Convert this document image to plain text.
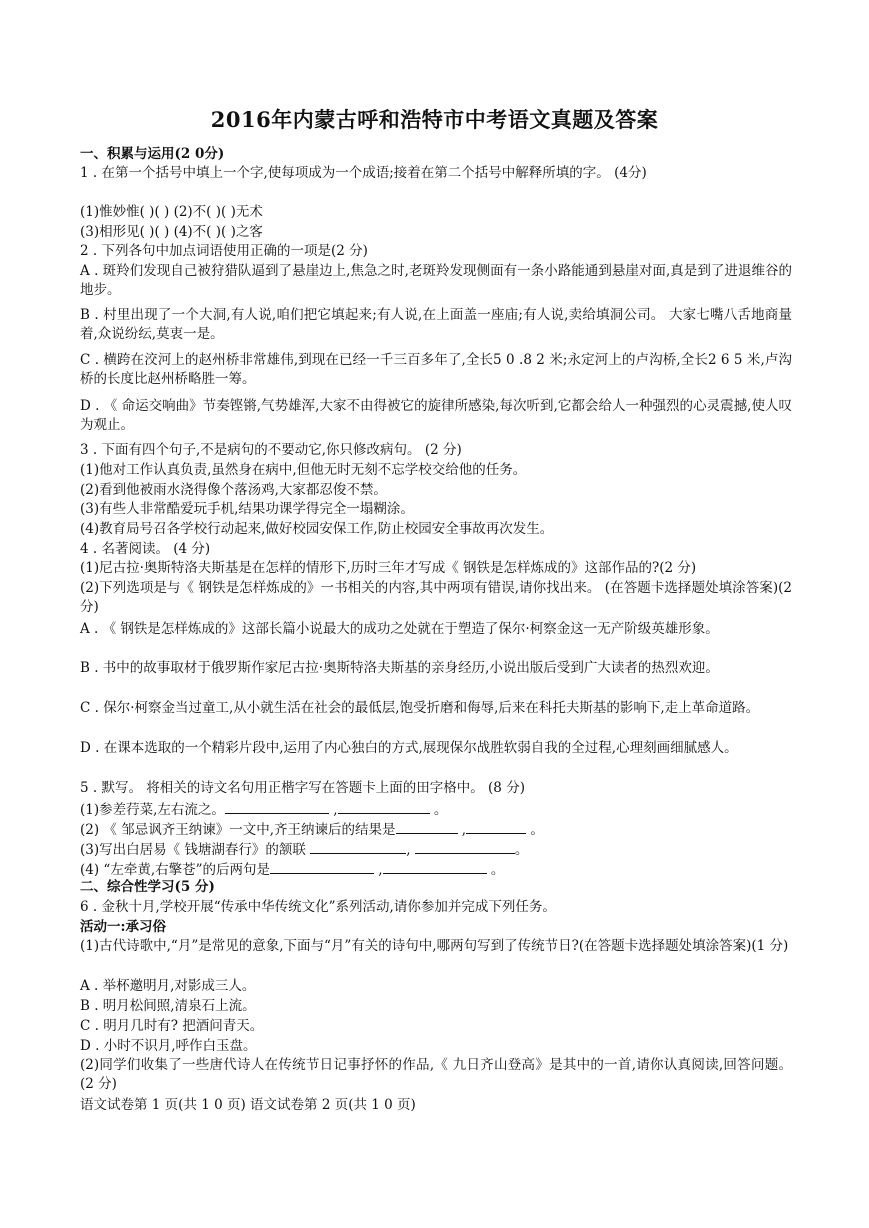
2016年内蒙古呼和浩特市中考语文真题及答案
一、积累与运用(2 0分)
1 . 在第一个括号中填上一个字,使每项成为一个成语;接着在第二个括号中解释所填的字。 (4分)
(1)惟妙惟( )( ) (2)不( )( )无术
(3)相形见( )( ) (4)不( )( )之客
2 . 下列各句中加点词语使用正确的一项是(2 分)
A . 斑羚们发现自己被狩猎队逼到了悬崖边上,焦急之时,老斑羚发现侧面有一条小路能通到悬崖对面,真是到了进退维谷的地步。
B . 村里出现了一个大洞,有人说,咱们把它填起来;有人说,在上面盖一座庙;有人说,卖给填洞公司。 大家七嘴八舌地商量着,众说纷纭,莫衷一是。
C . 横跨在洨河上的赵州桥非常雄伟,到现在已经一千三百多年了,全长5 0 .8 2 米;永定河上的卢沟桥,全长2 6 5 米,卢沟桥的长度比赵州桥略胜一筹。
D . 《 命运交响曲》节奏铿锵,气势雄浑,大家不由得被它的旋律所感染,每次听到,它都会给人一种强烈的心灵震撼,使人叹为观止。
3 . 下面有四个句子,不是病句的不要动它,你只修改病句。 (2 分)
(1)他对工作认真负责,虽然身在病中,但他无时无刻不忘学校交给他的任务。
(2)看到他被雨水浇得像个落汤鸡,大家都忍俊不禁。
(3)有些人非常酷爱玩手机,结果功课学得完全一塌糊涂。
(4)教育局号召各学校行动起来,做好校园安保工作,防止校园安全事故再次发生。
4 . 名著阅读。 (4 分)
(1)尼古拉·奥斯特洛夫斯基是在怎样的情形下,历时三年才写成《 钢铁是怎样炼成的》这部作品的?(2 分)
(2)下列选项是与《 钢铁是怎样炼成的》一书相关的内容,其中两项有错误,请你找出来。 (在答题卡选择题处填涂答案)(2 分)
A . 《 钢铁是怎样炼成的》这部长篇小说最大的成功之处就在于塑造了保尔·柯察金这一无产阶级英雄形象。
B . 书中的故事取材于俄罗斯作家尼古拉·奥斯特洛夫斯基的亲身经历,小说出版后受到广大读者的热烈欢迎。
C . 保尔·柯察金当过童工,从小就生活在社会的最低层,饱受折磨和侮辱,后来在科托夫斯基的影响下,走上革命道路。
D . 在课本选取的一个精彩片段中,运用了内心独白的方式,展现保尔战胜软弱自我的全过程,心理刻画细腻感人。
5 . 默写。 将相关的诗文名句用正楷字写在答题卡上面的田字格中。 (8 分)
(1)参差荇菜,左右流之。	,	。
(2) 《 邹忌讽齐王纳谏》一文中,齐王纳谏后的结果是	,	。
(3)写出白居易《 钱塘湖春行》的颔联	,	。
(4) “左牵黄,右擎苍”的后两句是	,	。
二、综合性学习(5 分)
6 . 金秋十月,学校开展“传承中华传统文化”系列活动,请你参加并完成下列任务。
活动一:承习俗
(1)古代诗歌中,“月”是常见的意象,下面与“月”有关的诗句中,哪两句写到了传统节日?(在答题卡选择题处填涂答案)(1 分)
A . 举杯邀明月,对影成三人。
B . 明月松间照,清泉石上流。
C . 明月几时有? 把酒问青天。
D . 小时不识月,呼作白玉盘。
(2)同学们收集了一些唐代诗人在传统节日记事抒怀的作品,《 九日齐山登高》是其中的一首,请你认真阅读,回答问题。 (2 分)
语文试卷第 1 页(共 1 0 页) 语文试卷第 2 页(共 1 0 页)
